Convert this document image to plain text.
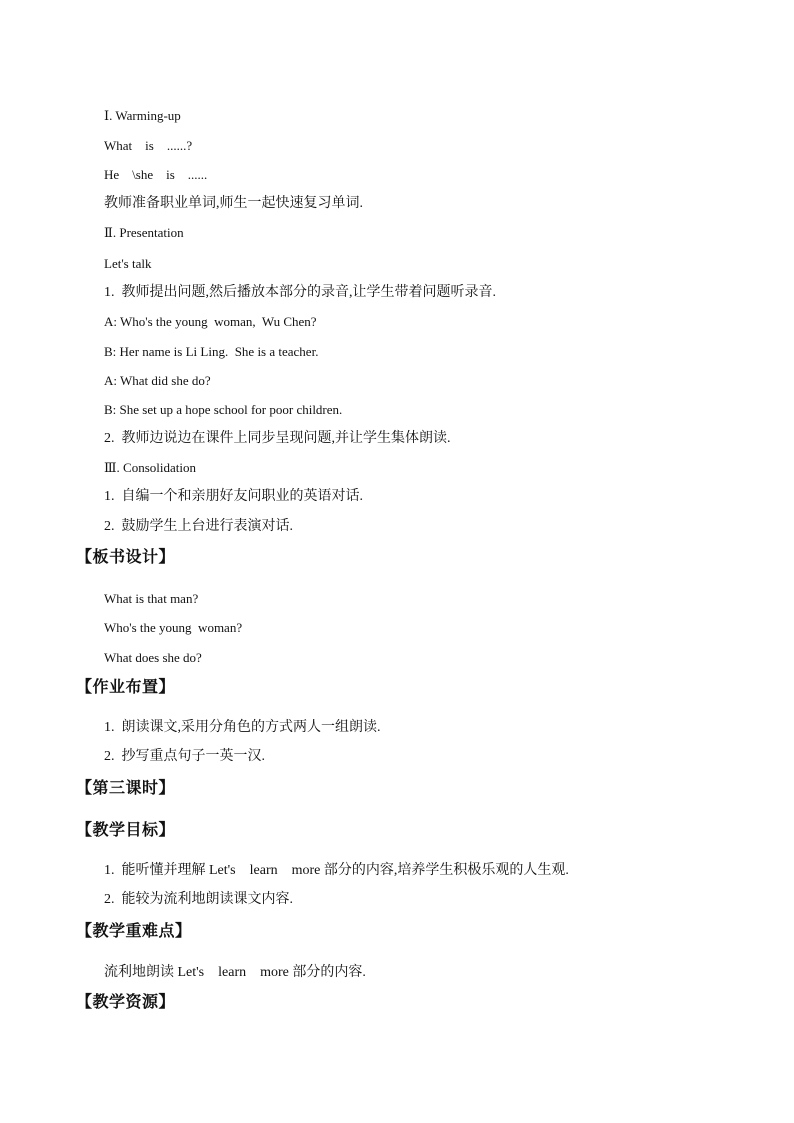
Ⅰ. Warming-up
What    is    ......?
He    \she    is    ......
教师准备职业单词,师生一起快速复习单词.
Ⅱ. Presentation
Let's talk
1.  教师提出问题,然后播放本部分的录音,让学生带着问题听录音.
A: Who's the young  woman,  Wu Chen?
B: Her name is Li Ling.  She is a teacher.
A: What did she do?
B: She set up a hope school for poor children.
2.  教师边说边在课件上同步呈现问题,并让学生集体朗读.
Ⅲ. Consolidation
1.  自编一个和亲朋好友问职业的英语对话.
2.  鼓励学生上台进行表演对话.
【板书设计】
What is that man?
Who's the young  woman?
What does she do?
【作业布置】
1.  朗读课文,采用分角色的方式两人一组朗读.
2.  抄写重点句子一英一汉.
【第三课时】
【教学目标】
1.  能听懂并理解 Let's    learn    more 部分的内容,培养学生积极乐观的人生观.
2.  能较为流利地朗读课文内容.
【教学重难点】
流利地朗读 Let's    learn    more 部分的内容.
【教学资源】
